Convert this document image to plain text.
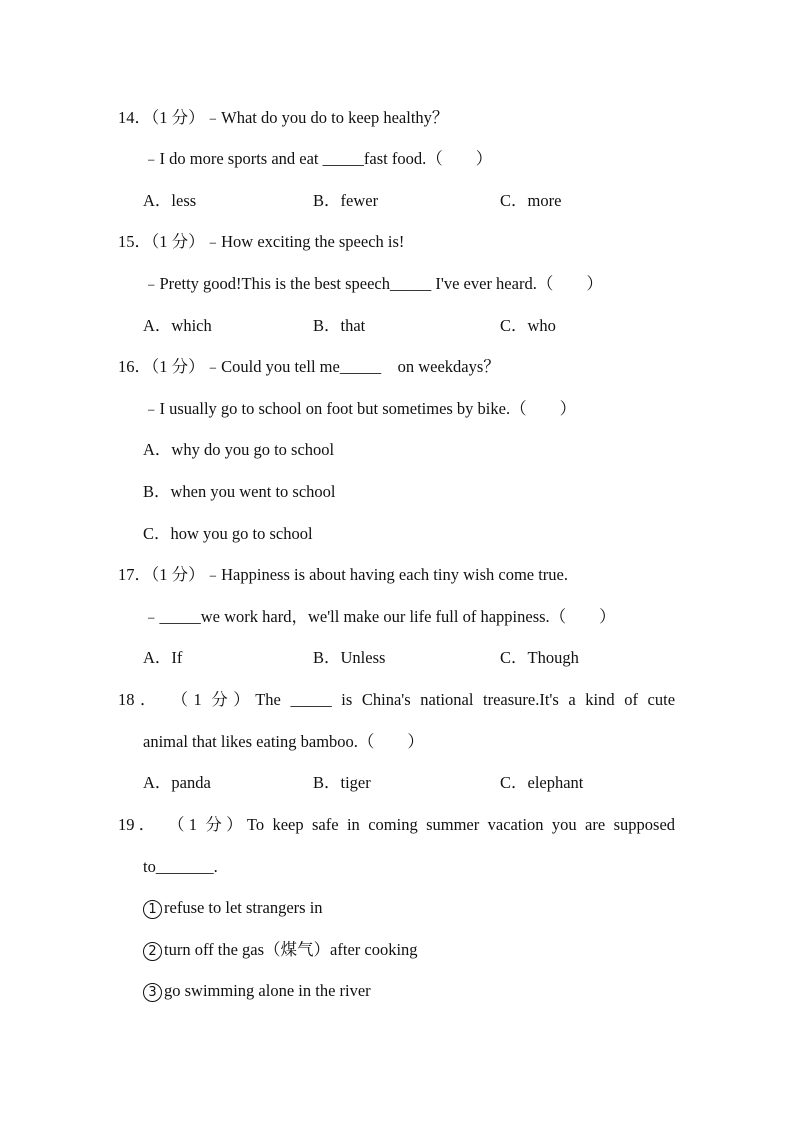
14．（1 分）﹣What do you do to keep healthy？
﹣I do more sports and eat _____fast food.（　　）
A．less	B．fewer	C．more
15．（1 分）﹣How exciting the speech is!
﹣Pretty good!This is the best speech_____ I've ever heard.（　　）
A．which	B．that	C．who
16．（1 分）﹣Could you tell me_____　on weekdays？
﹣I usually go to school on foot but sometimes by bike.（　　）
A．why do you go to school
B．when you went to school
C．how you go to school
17．（1 分）﹣Happiness is about having each tiny wish come true.
﹣_____we work hard，we'll make our life full of happiness.（　　）
A．If	B．Unless	C．Though
18． （1 分）The _____ is China's national treasure.It's a kind of cute
animal that likes eating bamboo.（　　）
A．panda	B．tiger	C．elephant
19． （1 分）To keep safe in coming summer vacation you are supposed
to_______.
1 refuse to let strangers in
2 turn off the gas（煤气）after cooking
3 go swimming alone in the river
